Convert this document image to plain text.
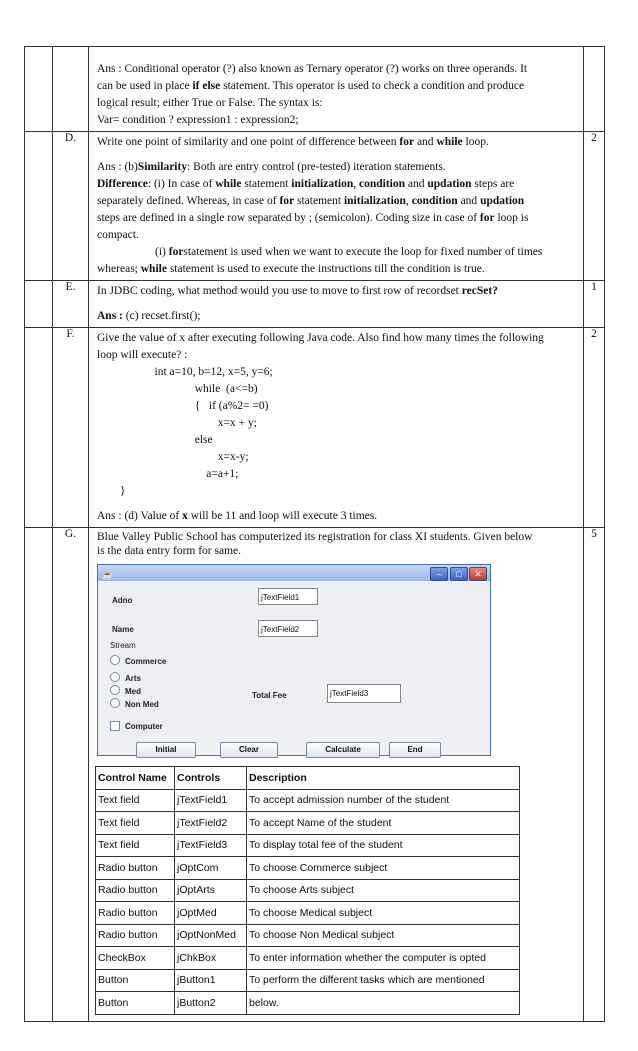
Ans : Conditional operator (?) also known as Ternary operator (?) works on three operands. It

can be used in place if else statement. This operator is used to check a condition and produce

logical result; either True or False. The syntax is:

Var= condition ? expression1 : expression2;

	D.	Write one point of similarity and one point of difference between for and while loop.

Ans : (b)Similarity: Both are entry control (pre-tested) iteration statements.

Difference: (i) In case of while statement initialization, condition and updation steps are

separately defined. Whereas, in case of for statement initialization, condition and updation

steps are defined in a single row separated by ; (semicolon). Coding size in case of for loop is

compact.

(i) forstatement is used when we want to execute the loop for fixed number of times

whereas; while statement is used to execute the instructions till the condition is true.

	2
	E.	In JDBC coding, what method would you use to move to first row of recordset recSet?

Ans : (c) recset.first();

	1
	F.	Give the value of x after executing following Java code. Also find how many times the following

loop will execute? :

int a=10, b=12, x=5, y=6;
while  (a<=b)
{   if (a%2= =0)
x=x + y;
else
x=x-y;
a=a+1;
}

Ans : (d) Value of x will be 11 and loop will execute 3 times.

	2
	G.	Blue Valley Public School has computerized its registration for class XI students. Given below

is the data entry form for same.

☕	–	□	✕
Adno	jTextField1
Name	jTextField2
Stream
Commerce
Arts
Med
Non Med
Total Fee	jTextField3
Computer
Initial	Clear	Calculate	End
Control Name	Controls	Description
Text field	jTextField1	To accept admission number of the student
Text field	jTextField2	To accept Name of the student
Text field	jTextField3	To display total fee of the student
Radio button	jOptCom	To choose Commerce subject
Radio button	jOptArts	To choose Arts subject
Radio button	jOptMed	To choose Medical subject
Radio button	jOptNonMed	To choose Non Medical subject
CheckBox	jChkBox	To enter information whether the computer is opted
Button	jButton1	To perform the different tasks which are mentioned
Button	jButton2	below.
	5
